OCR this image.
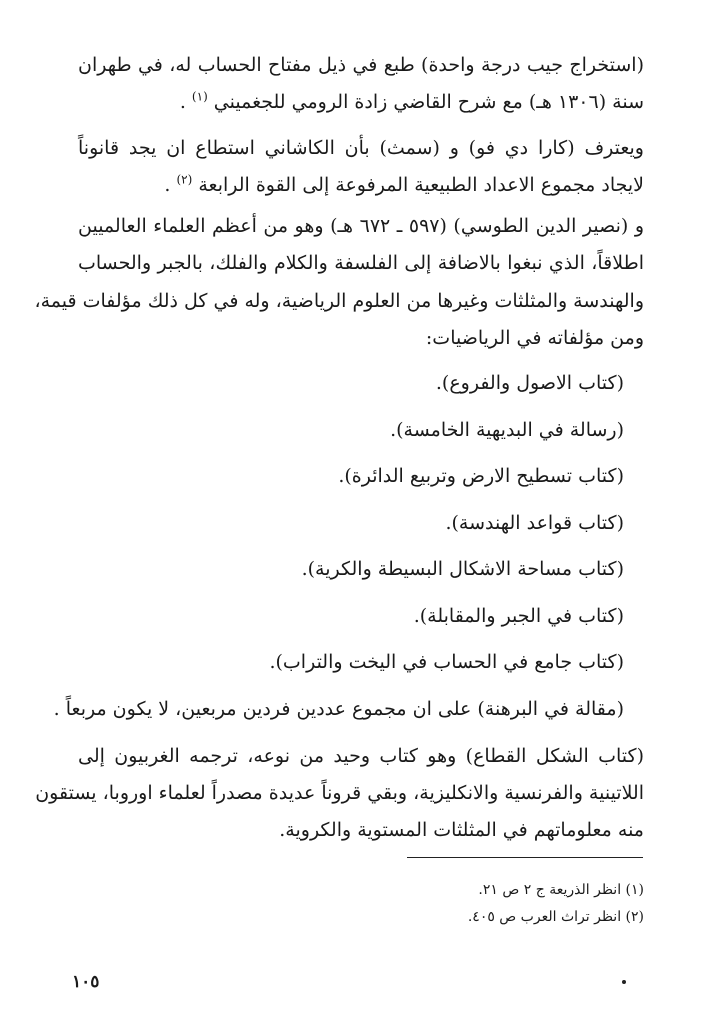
(استخراج جيب درجة واحدة) طبع في ذيل مفتاح الحساب له، في طهران
سنة (١٣٠٦ هـ) مع شرح القاضي زادة الرومي للجغميني $^{(١)}$ .
ويعترف (كارا دي فو) و (سمث) بأن الكاشاني استطاع ان يجد قانوناً
لايجاد مجموع الاعداد الطبيعية المرفوعة إلى القوة الرابعة $^{(٢)}$ .
و (نصير الدين الطوسي) (٥٩٧ ـ ٦٧٢ هـ) وهو من أعظم العلماء العالميين
اطلاقاً، الذي نبغوا بالاضافة إلى الفلسفة والكلام والفلك، بالجبر والحساب
والهندسة والمثلثات وغيرها من العلوم الرياضية، وله في كل ذلك مؤلفات قيمة،
ومن مؤلفاته في الرياضيات:
(كتاب الاصول والفروع).
(رسالة في البديهية الخامسة).
(كتاب تسطيح الارض وتربيع الدائرة).
(كتاب قواعد الهندسة).
(كتاب مساحة الاشكال البسيطة والكرية).
(كتاب في الجبر والمقابلة).
(كتاب جامع في الحساب في اليخت والتراب).
(مقالة في البرهنة) على ان مجموع عددين فردين مربعين، لا يكون مربعاً .
(كتاب الشكل القطاع) وهو كتاب وحيد من نوعه، ترجمه الغربيون إلى
اللاتينية والفرنسية والانكليزية، وبقي قروناً عديدة مصدراً لعلماء اوروبا، يستقون
منه معلوماتهم في المثلثات المستوية والكروية.
(١) انظر الذريعة ج ٢ ص ٢١.
(٢) انظر تراث العرب ص ٤٠٥.
١٠٥
